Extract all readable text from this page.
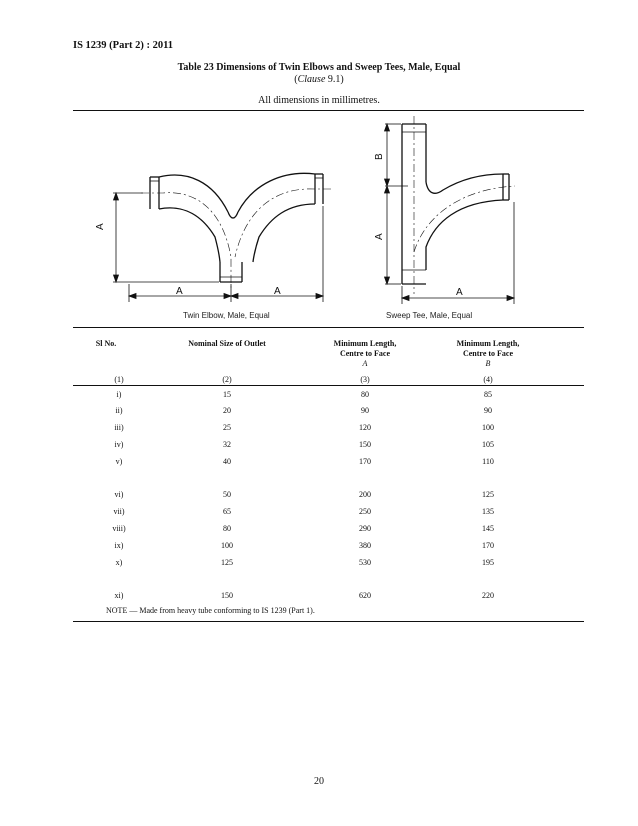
IS 1239 (Part 2) : 2011
Table 23 Dimensions of Twin Elbows and Sweep Tees, Male, Equal
(Clause 9.1)
All dimensions in millimetres.
A
A	A
B
A
A
Twin Elbow, Male, Equal	Sweep Tee, Male, Equal
Sl No.	Nominal Size of Outlet	Minimum Length,
Centre to Face
A
Minimum Length,
Centre to Face
B
(1)	(2)	(3)	(4)
i)	15	80	85
ii)	20	90	90
iii)	25	120	100
iv)	32	150	105
v)	40	170	110
vi)	50	200	125
vii)	65	250	135
viii)	80	290	145
ix)	100	380	170
x)	125	530	195
xi)	150	620	220
NOTE — Made from heavy tube conforming to IS 1239 (Part 1).
20
